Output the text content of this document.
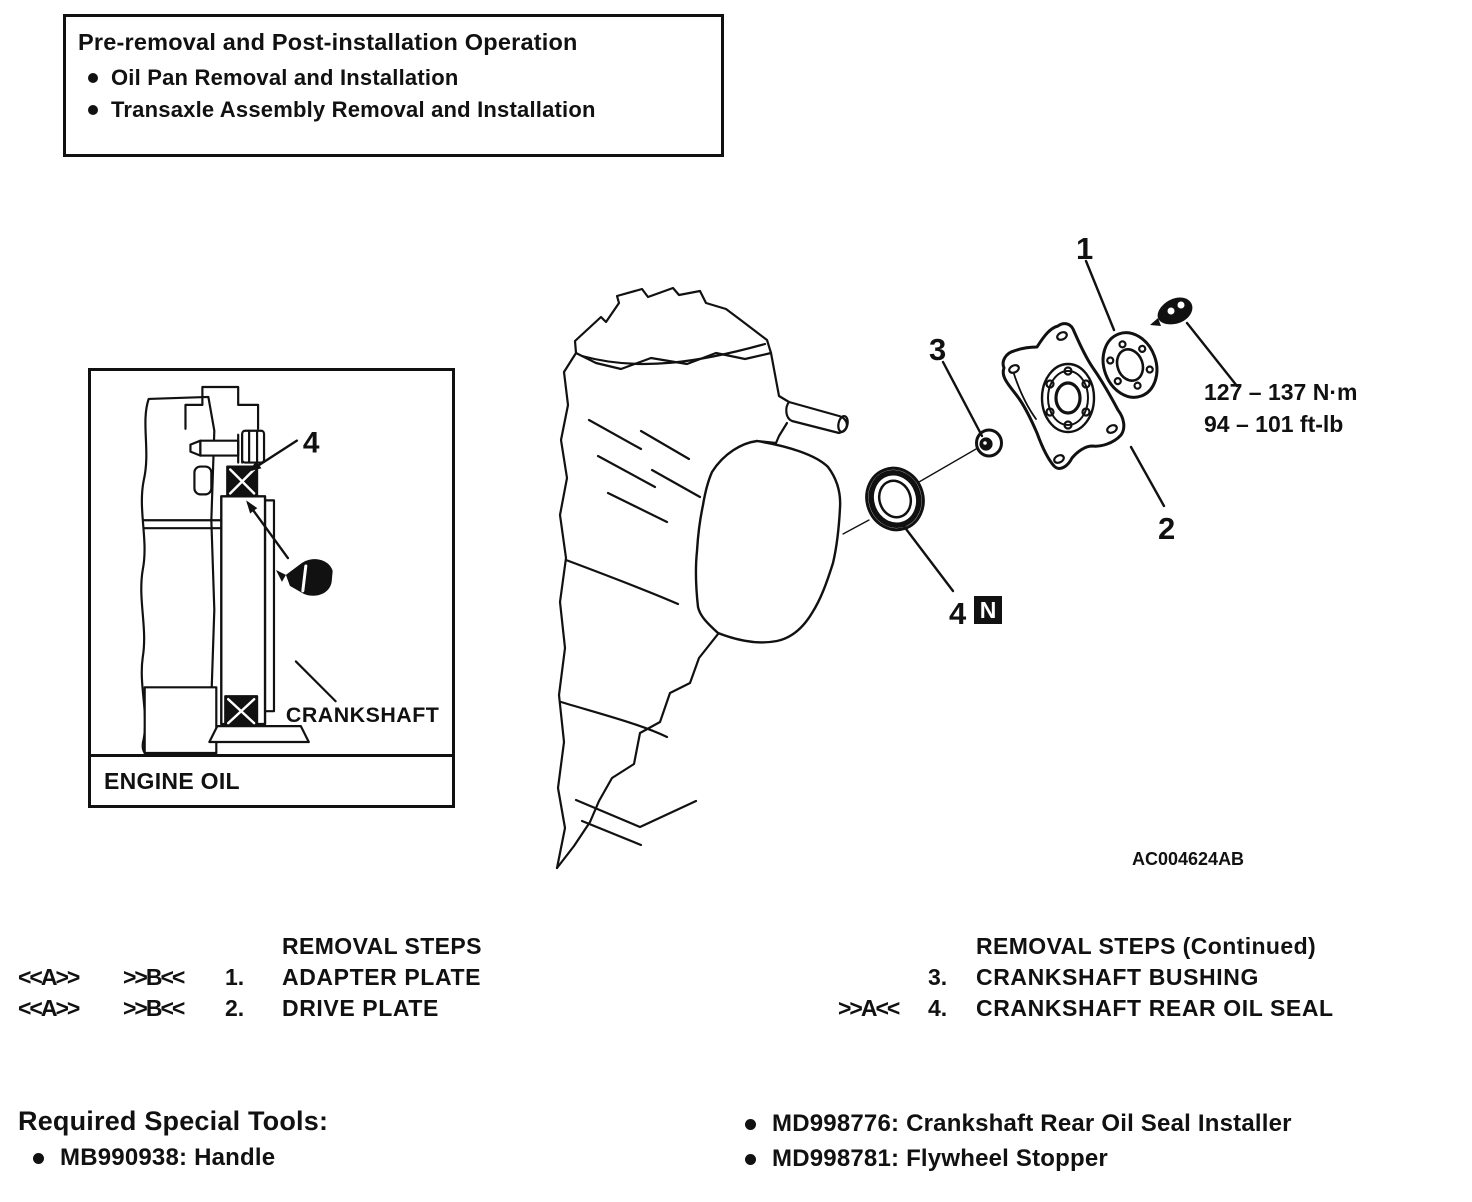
Pre-removal and Post-installation Operation
Oil Pan Removal and Installation
Transaxle Assembly Removal and Installation
4
CRANKSHAFT
ENGINE OIL
1
3
2
4 N
127 – 137 N·m
94 – 101 ft-lb
AC004624AB
REMOVAL STEPS
<<A>> >>B<< 1. ADAPTER PLATE
<<A>> >>B<< 2. DRIVE PLATE
REMOVAL STEPS (Continued)
3. CRANKSHAFT BUSHING
>>A<< 4. CRANKSHAFT REAR OIL SEAL
Required Special Tools:
MB990938: Handle
MD998776: Crankshaft Rear Oil Seal Installer
MD998781: Flywheel Stopper
